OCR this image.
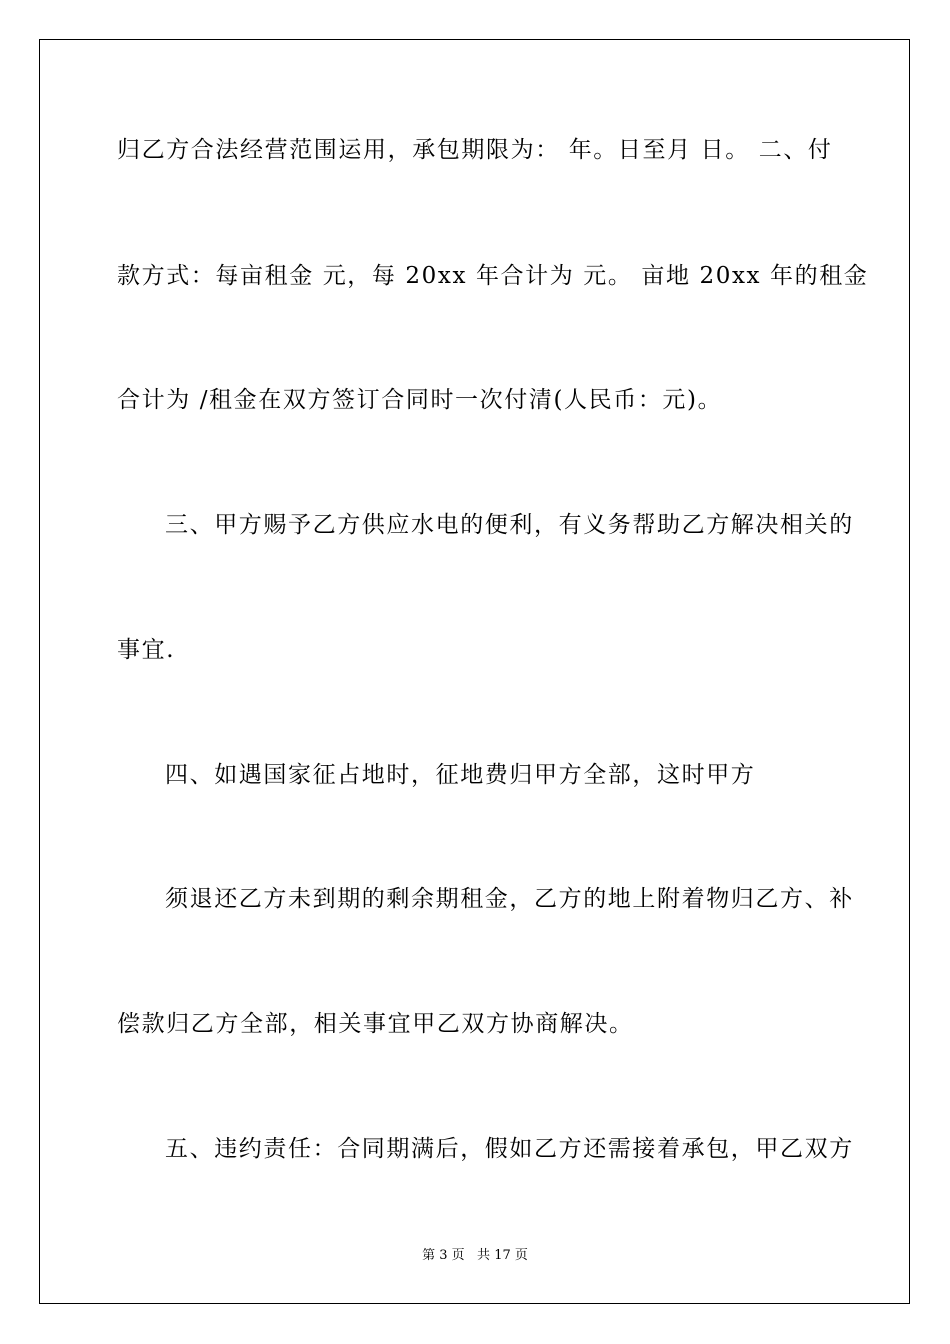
归乙方合法经营范围运用，承包期限为： 年。日至月 日。 二、付
款方式：每亩租金 元，每 20xx 年合计为 元。 亩地 20xx 年的租金
合计为 /租金在双方签订合同时一次付清(人民币：元)。
三、甲方赐予乙方供应水电的便利，有义务帮助乙方解决相关的
事宜.
四、如遇国家征占地时，征地费归甲方全部，这时甲方
须退还乙方未到期的剩余期租金，乙方的地上附着物归乙方、补
偿款归乙方全部，相关事宜甲乙双方协商解决。
五、违约责任：合同期满后，假如乙方还需接着承包，甲乙双方
第 3 页   共 17 页
